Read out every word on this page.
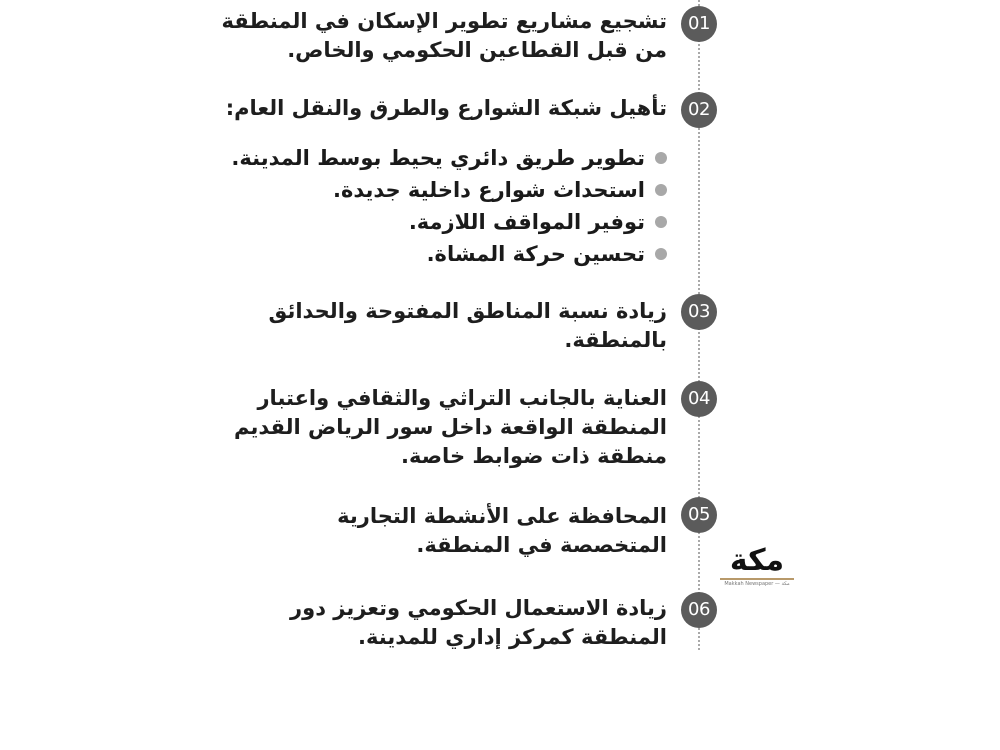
01
تشجيع مشاريع تطوير الإسكان في المنطقة
من قبل القطاعين الحكومي والخاص.
02
تأهيل شبكة الشوارع والطرق والنقل العام:
تطوير طريق دائري يحيط بوسط المدينة.
استحداث شوارع داخلية جديدة.
توفير المواقف اللازمة.
تحسين حركة المشاة.
03
زيادة نسبة المناطق المفتوحة والحدائق
بالمنطقة.
04
العناية بالجانب التراثي والثقافي واعتبار
المنطقة الواقعة داخل سور الرياض القديم
منطقة ذات ضوابط خاصة.
05
المحافظة على الأنشطة التجارية
المتخصصة في المنطقة.
06
زيادة الاستعمال الحكومي وتعزيز دور
المنطقة كمركز إداري للمدينة.
مكة
Makkah Newspaper — مكة
